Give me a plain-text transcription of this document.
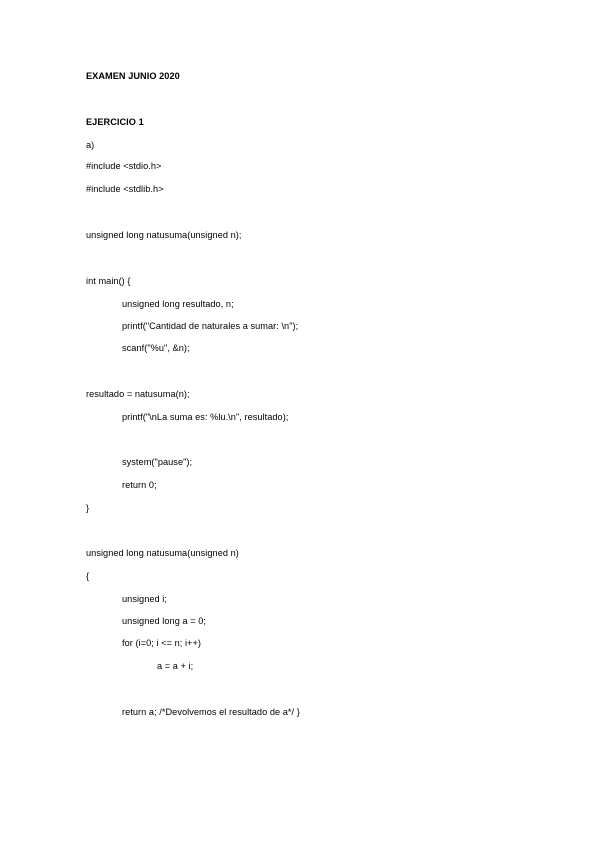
EXAMEN JUNIO 2020
EJERCICIO 1
a)
#include <stdio.h>
#include <stdlib.h>
unsigned long natusuma(unsigned n);
int main() {
unsigned long resultado, n;
printf("Cantidad de naturales a sumar: \n");
scanf("%u", &n);
resultado = natusuma(n);
printf("\nLa suma es: %lu.\n", resultado);
system("pause");
return 0;
}
unsigned long natusuma(unsigned n)
{
unsigned i;
unsigned long a = 0;
for (i=0; i <= n; i++)
a = a + i;
return a; /*Devolvemos el resultado de a*/ }
